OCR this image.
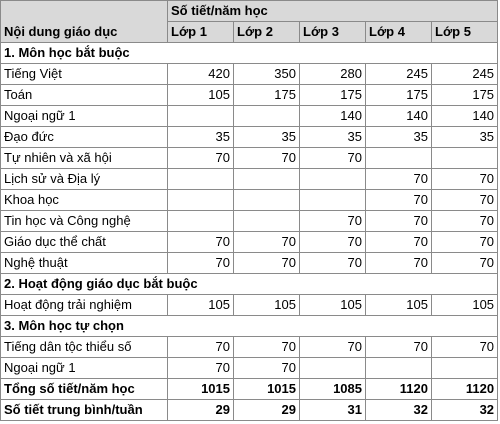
Nội dung giáo dục	Số tiết/năm học				
	Lớp 1	Lớp 2	Lớp 3	Lớp 4	Lớp 5
1. Môn học bắt buộc					
Tiếng Việt	420	350	280	245	245
Toán	105	175	175	175	175
Ngoại ngữ 1			140	140	140
Đạo đức	35	35	35	35	35
Tự nhiên và xã hội	70	70	70		
Lịch sử và Địa lý				70	70
Khoa học				70	70
Tin học và Công nghệ			70	70	70
Giáo dục thể chất	70	70	70	70	70
Nghệ thuật	70	70	70	70	70
2. Hoạt động giáo dục bắt buộc					
Hoạt động trải nghiệm	105	105	105	105	105
3. Môn học tự chọn					
Tiếng dân tộc thiểu số	70	70	70	70	70
Ngoại ngữ 1	70	70			
Tổng số tiết/năm học	1015	1015	1085	1120	1120
Số tiết trung bình/tuần	29	29	31	32	32
